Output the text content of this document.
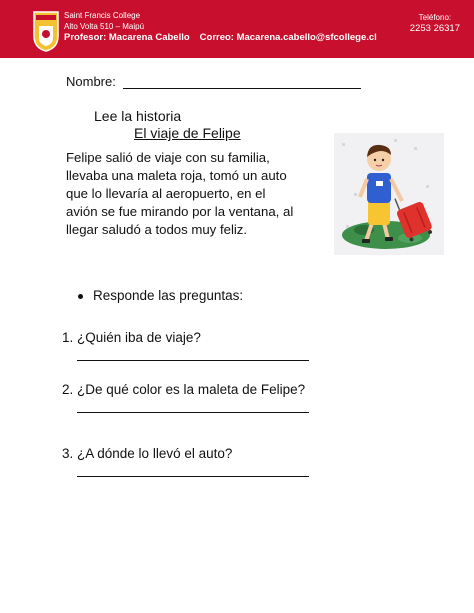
Saint Francis College
Alto Volta 510 – Maipú
Profesor: Macarena Cabello Correo: Macarena.cabello@sfcollege.cl
Teléfono:
2253 26317
Nombre:
Lee la historia
El viaje de Felipe
Felipe salió de viaje con su familia,
llevaba una maleta roja, tomó un auto
que lo llevaría al aeropuerto, en el
avión se fue mirando por la ventana, al
llegar saludó a todos muy feliz.
Responde las preguntas:
1. ¿Quién iba de viaje?
2. ¿De qué color es la maleta de Felipe?
3. ¿A dónde lo llevó el auto?
